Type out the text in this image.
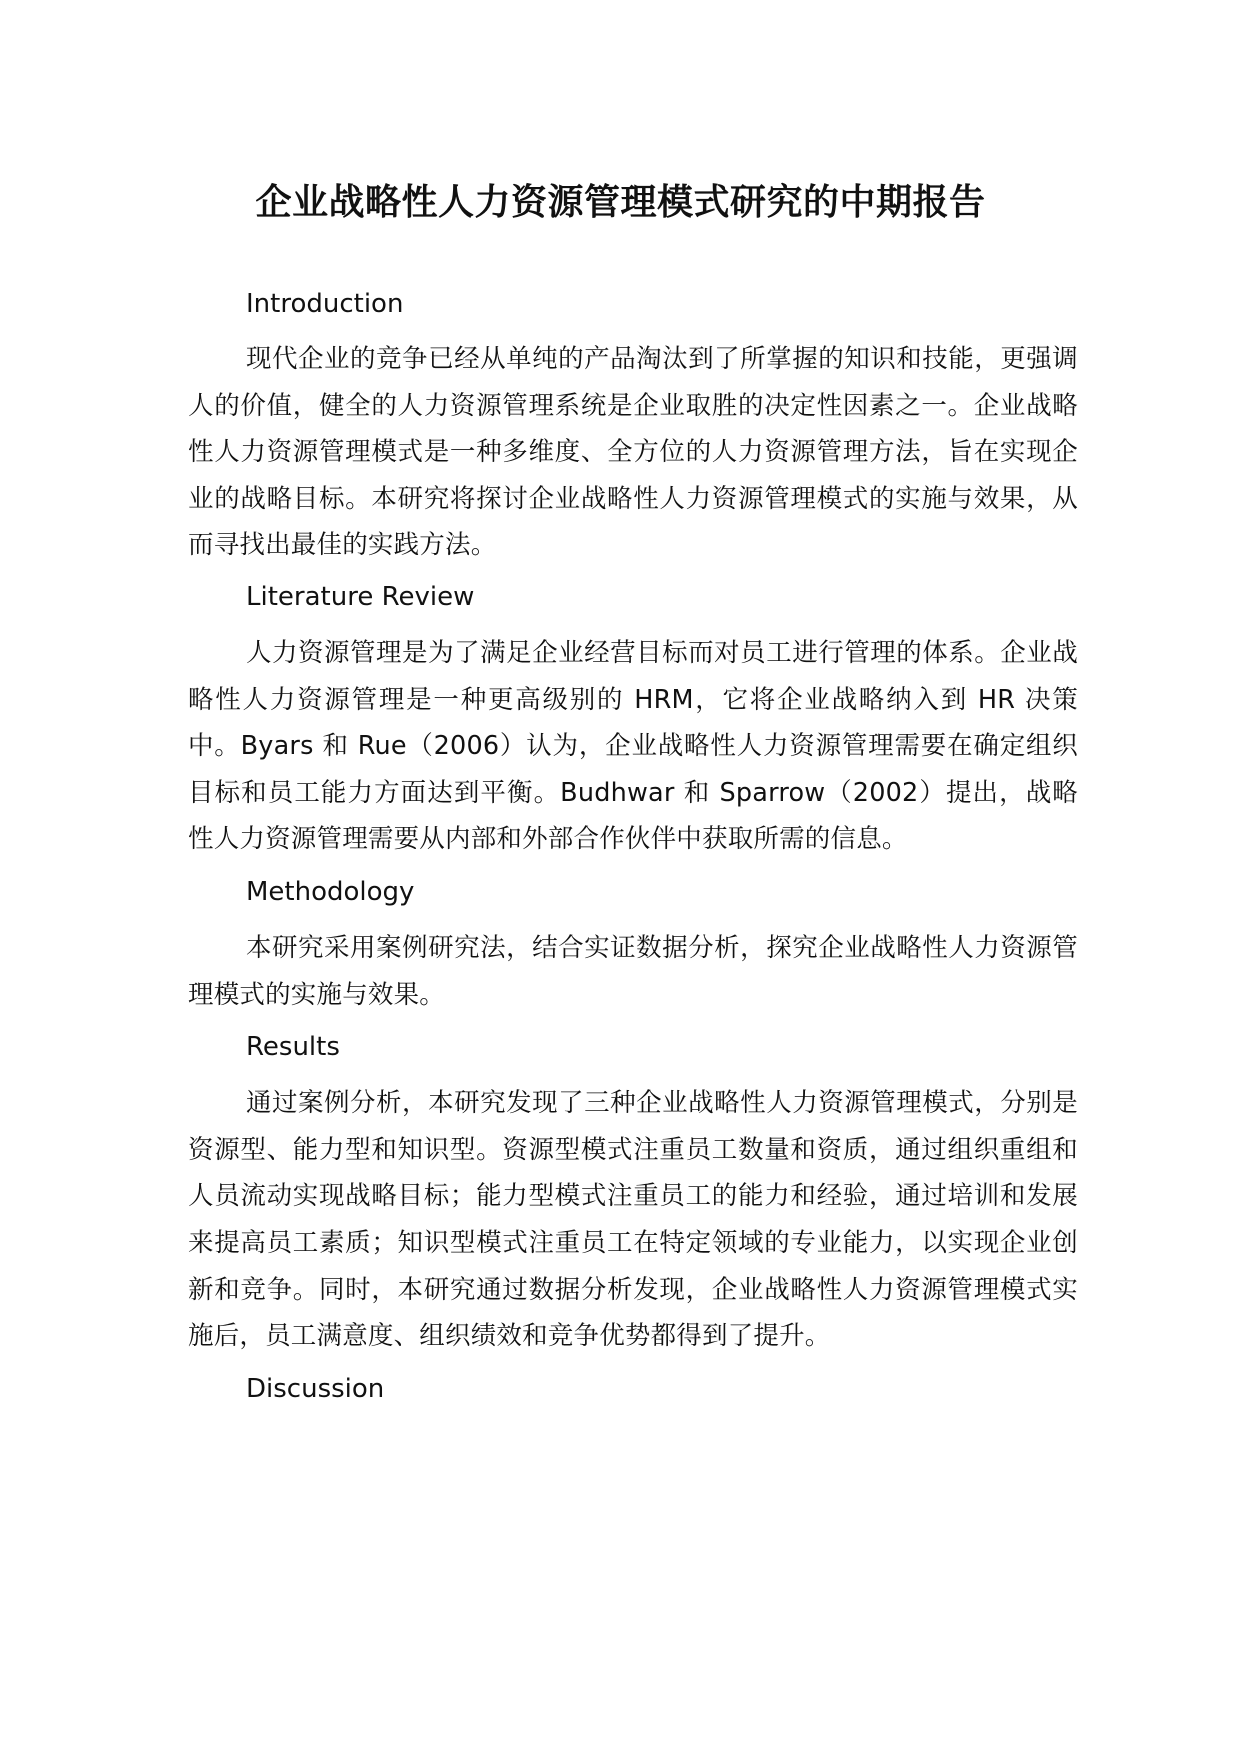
企业战略性人力资源管理模式研究的中期报告
Introduction

现代企业的竞争已经从单纯的产品淘汰到了所掌握的知识和技能，更强调人的价值，健全的人力资源管理系统是企业取胜的决定性因素之一。企业战略性人力资源管理模式是一种多维度、全方位的人力资源管理方法，旨在实现企业的战略目标。本研究将探讨企业战略性人力资源管理模式的实施与效果，从而寻找出最佳的实践方法。

Literature Review

人力资源管理是为了满足企业经营目标而对员工进行管理的体系。企业战略性人力资源管理是一种更高级别的 HRM，它将企业战略纳入到 HR 决策中。Byars 和 Rue（2006）认为，企业战略性人力资源管理需要在确定组织目标和员工能力方面达到平衡。Budhwar 和 Sparrow（2002）提出，战略性人力资源管理需要从内部和外部合作伙伴中获取所需的信息。

Methodology

本研究采用案例研究法，结合实证数据分析，探究企业战略性人力资源管理模式的实施与效果。

Results

通过案例分析，本研究发现了三种企业战略性人力资源管理模式，分别是资源型、能力型和知识型。资源型模式注重员工数量和资质，通过组织重组和人员流动实现战略目标；能力型模式注重员工的能力和经验，通过培训和发展来提高员工素质；知识型模式注重员工在特定领域的专业能力，以实现企业创新和竞争。同时，本研究通过数据分析发现，企业战略性人力资源管理模式实施后，员工满意度、组织绩效和竞争优势都得到了提升。

Discussion
